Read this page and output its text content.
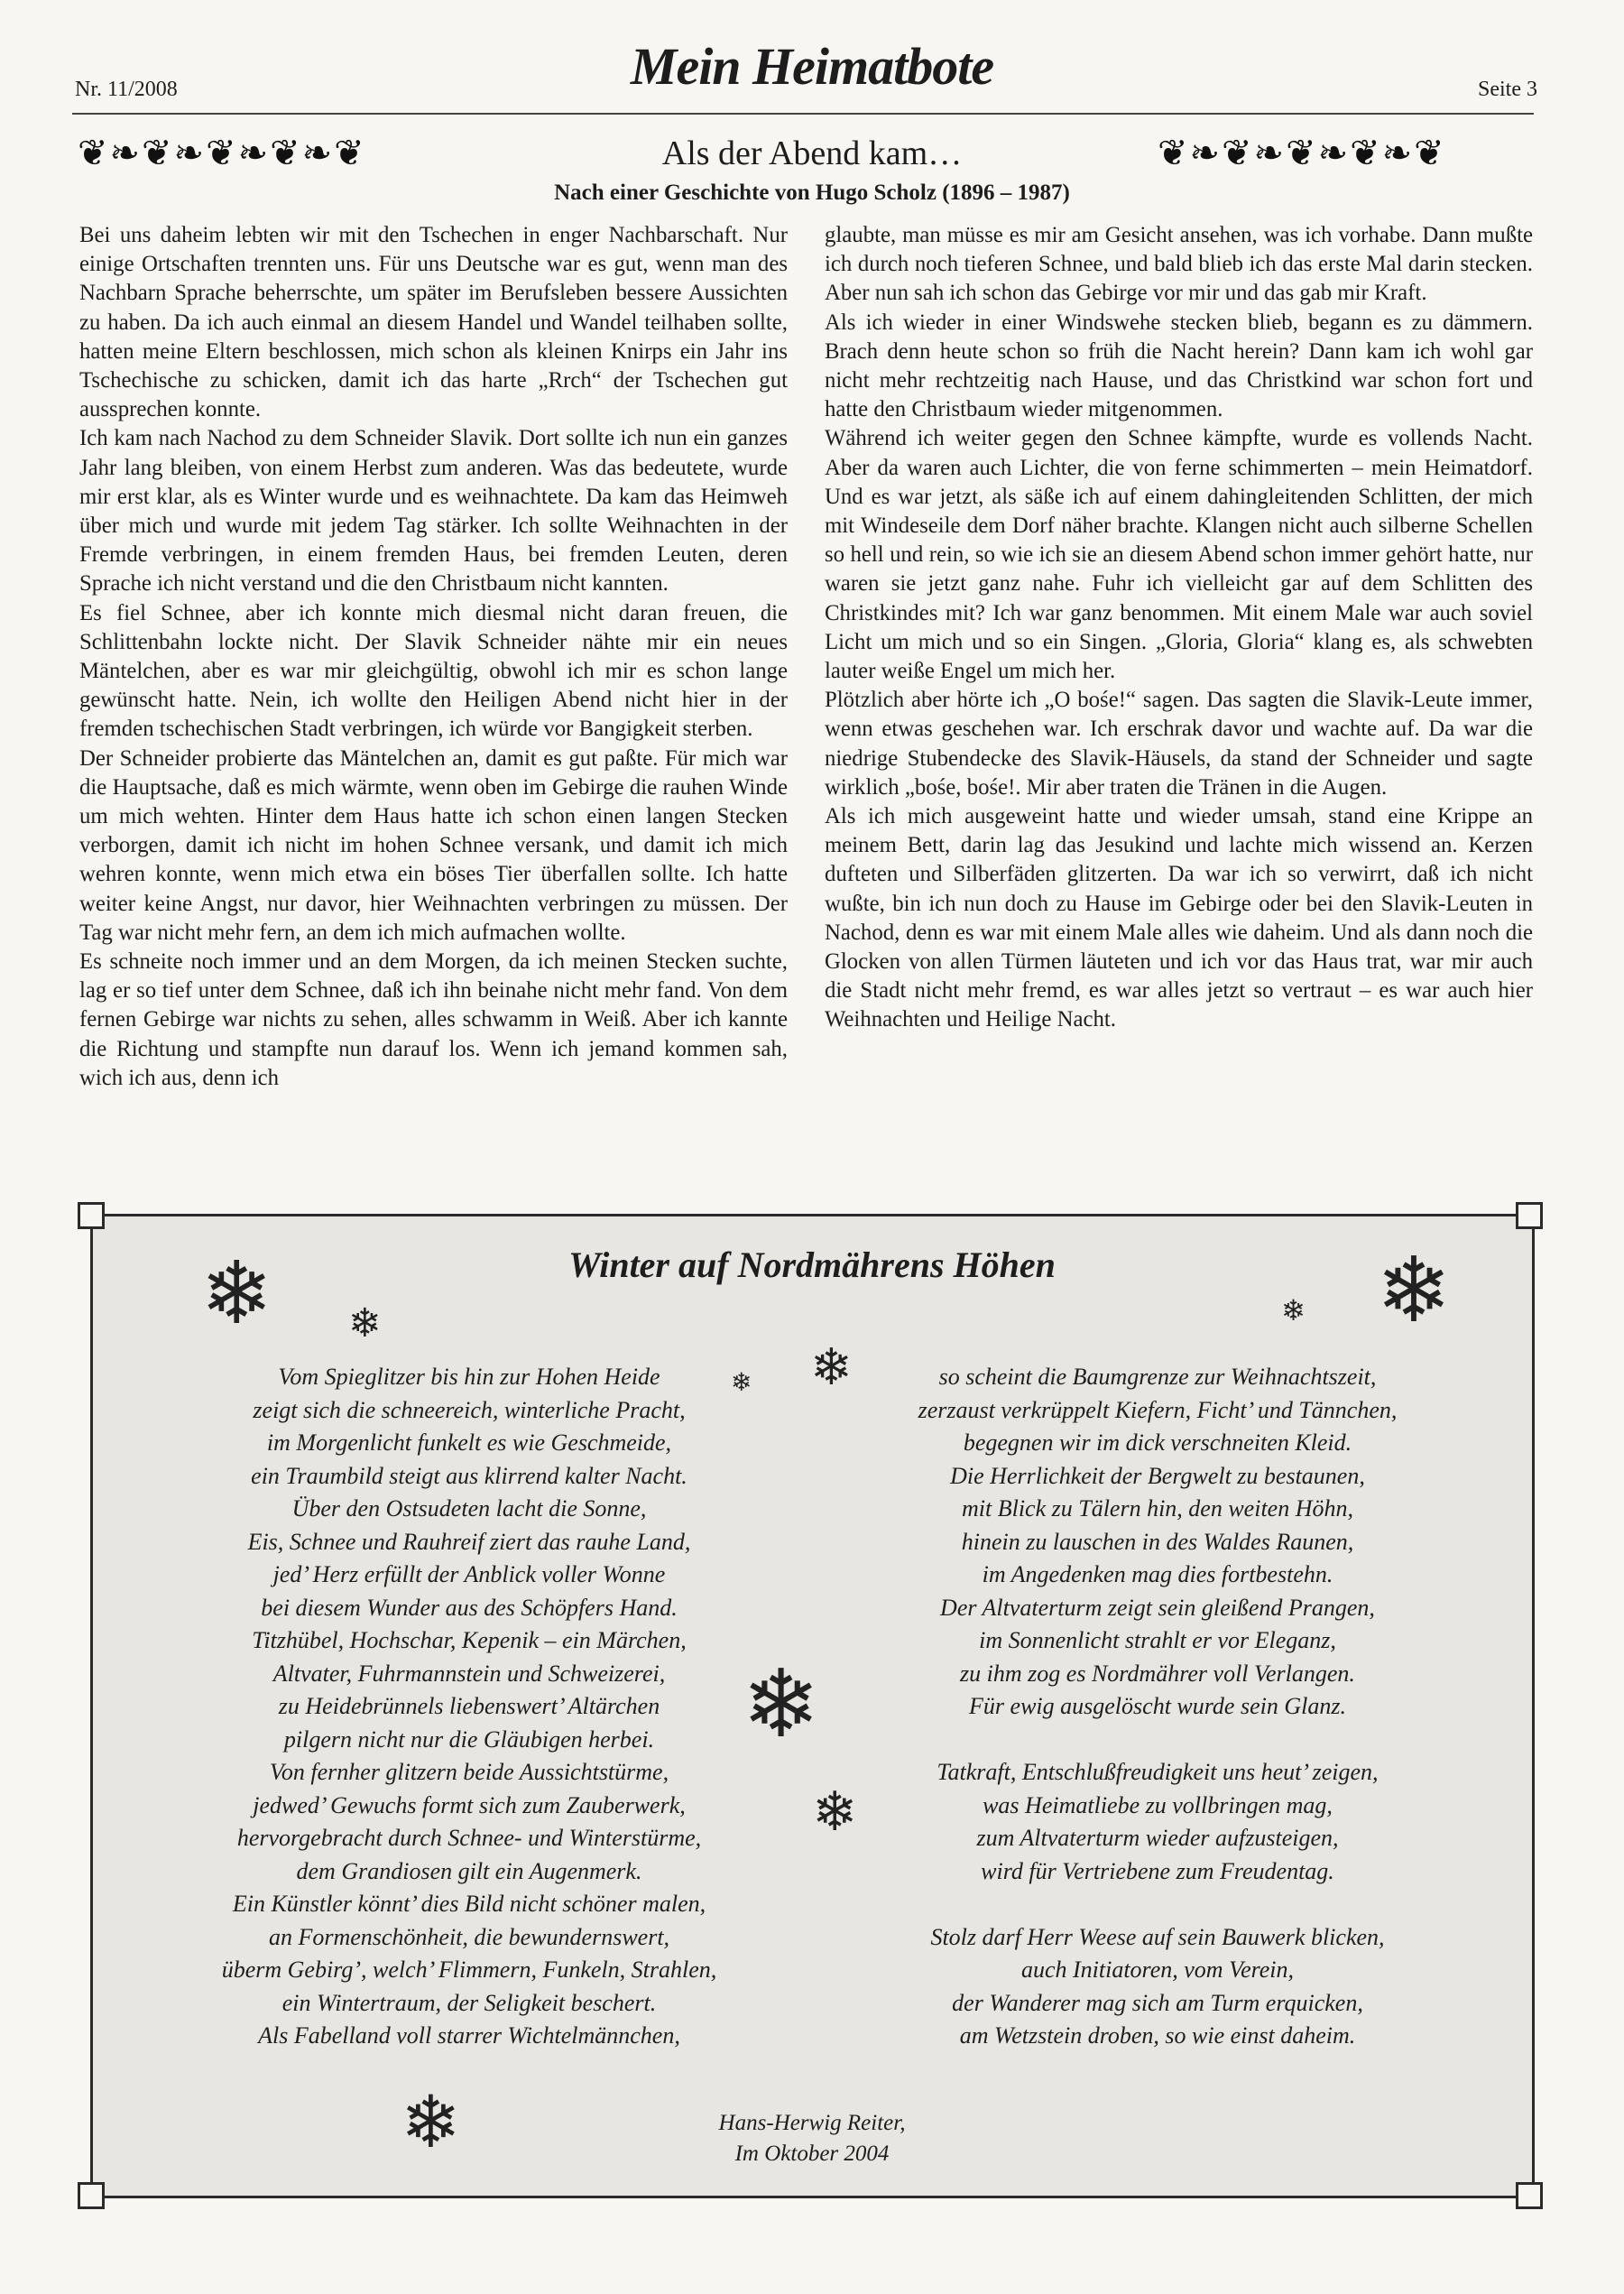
Nr. 11/2008	Mein Heimatbote	Seite 3
❦❧❦❧❦❧❦❧❦	❦❧❦❧❦❧❦❧❦
Als der Abend kam…
Nach einer Geschichte von Hugo Scholz (1896 – 1987)

Bei uns daheim lebten wir mit den Tschechen in enger Nachbarschaft. Nur einige Ortschaften trennten uns. Für uns Deutsche war es gut, wenn man des Nachbarn Sprache beherrschte, um später im Berufsleben bessere Aussichten zu haben. Da ich auch einmal an diesem Handel und Wandel teilhaben sollte, hatten meine Eltern beschlossen, mich schon als kleinen Knirps ein Jahr ins Tschechische zu schicken, damit ich das harte „Rrch“ der Tschechen gut aussprechen konnte.

Ich kam nach Nachod zu dem Schneider Slavik. Dort sollte ich nun ein ganzes Jahr lang bleiben, von einem Herbst zum anderen. Was das bedeutete, wurde mir erst klar, als es Winter wurde und es weihnachtete. Da kam das Heimweh über mich und wurde mit jedem Tag stärker. Ich sollte Weihnachten in der Fremde verbringen, in einem fremden Haus, bei fremden Leuten, deren Sprache ich nicht verstand und die den Christbaum nicht kannten.

Es fiel Schnee, aber ich konnte mich diesmal nicht daran freuen, die Schlittenbahn lockte nicht. Der Slavik Schneider nähte mir ein neues Mäntelchen, aber es war mir gleichgültig, obwohl ich mir es schon lange gewünscht hatte. Nein, ich wollte den Heiligen Abend nicht hier in der fremden tschechischen Stadt verbringen, ich würde vor Bangigkeit sterben.

Der Schneider probierte das Mäntelchen an, damit es gut paßte. Für mich war die Hauptsache, daß es mich wärmte, wenn oben im Gebirge die rauhen Winde um mich wehten. Hinter dem Haus hatte ich schon einen langen Stecken verborgen, damit ich nicht im hohen Schnee versank, und damit ich mich wehren konnte, wenn mich etwa ein böses Tier überfallen sollte. Ich hatte weiter keine Angst, nur davor, hier Weihnachten verbringen zu müssen. Der Tag war nicht mehr fern, an dem ich mich aufmachen wollte.

Es schneite noch immer und an dem Morgen, da ich meinen Stecken suchte, lag er so tief unter dem Schnee, daß ich ihn beinahe nicht mehr fand. Von dem fernen Gebirge war nichts zu sehen, alles schwamm in Weiß. Aber ich kannte die Richtung und stampfte nun darauf los. Wenn ich jemand kommen sah, wich ich aus, denn ich

glaubte, man müsse es mir am Gesicht ansehen, was ich vorhabe. Dann mußte ich durch noch tieferen Schnee, und bald blieb ich das erste Mal darin stecken. Aber nun sah ich schon das Gebirge vor mir und das gab mir Kraft.

Als ich wieder in einer Windswehe stecken blieb, begann es zu dämmern. Brach denn heute schon so früh die Nacht herein? Dann kam ich wohl gar nicht mehr rechtzeitig nach Hause, und das Christkind war schon fort und hatte den Christbaum wieder mitgenommen.

Während ich weiter gegen den Schnee kämpfte, wurde es vollends Nacht. Aber da waren auch Lichter, die von ferne schimmerten – mein Heimatdorf. Und es war jetzt, als säße ich auf einem dahingleitenden Schlitten, der mich mit Windeseile dem Dorf näher brachte. Klangen nicht auch silberne Schellen so hell und rein, so wie ich sie an diesem Abend schon immer gehört hatte, nur waren sie jetzt ganz nahe. Fuhr ich vielleicht gar auf dem Schlitten des Christkindes mit? Ich war ganz benommen. Mit einem Male war auch soviel Licht um mich und so ein Singen. „Gloria, Gloria“ klang es, als schwebten lauter weiße Engel um mich her.

Plötzlich aber hörte ich „O bośe!“ sagen. Das sagten die Slavik-Leute immer, wenn etwas geschehen war. Ich erschrak davor und wachte auf. Da war die niedrige Stubendecke des Slavik-Häusels, da stand der Schneider und sagte wirklich „bośe, bośe!. Mir aber traten die Tränen in die Augen.

Als ich mich ausgeweint hatte und wieder umsah, stand eine Krippe an meinem Bett, darin lag das Jesukind und lachte mich wissend an. Kerzen dufteten und Silberfäden glitzerten. Da war ich so verwirrt, daß ich nicht wußte, bin ich nun doch zu Hause im Gebirge oder bei den Slavik-Leuten in Nachod, denn es war mit einem Male alles wie daheim. Und als dann noch die Glocken von allen Türmen läuteten und ich vor das Haus trat, war mir auch die Stadt nicht mehr fremd, es war alles jetzt so vertraut – es war auch hier Weihnachten und Heilige Nacht.

Winter auf Nordmährens Höhen
❄ ❄	❄
❄
❄
❄
❄
❄
❄
Vom Spieglitzer bis hin zur Hohen Heide
zeigt sich die schneereich, winterliche Pracht,
im Morgenlicht funkelt es wie Geschmeide,
ein Traumbild steigt aus klirrend kalter Nacht.
Über den Ostsudeten lacht die Sonne,
Eis, Schnee und Rauhreif ziert das rauhe Land,
jed’ Herz erfüllt der Anblick voller Wonne
bei diesem Wunder aus des Schöpfers Hand.
Titzhübel, Hochschar, Kepenik – ein Märchen,
Altvater, Fuhrmannstein und Schweizerei,
zu Heidebrünnels liebenswert’ Altärchen
pilgern nicht nur die Gläubigen herbei.
Von fernher glitzern beide Aussichtstürme,
jedwed’ Gewuchs formt sich zum Zauberwerk,
hervorgebracht durch Schnee- und Winterstürme,
dem Grandiosen gilt ein Augenmerk.
Ein Künstler könnt’ dies Bild nicht schöner malen,
an Formenschönheit, die bewundernswert,
überm Gebirg’, welch’ Flimmern, Funkeln, Strahlen,
ein Wintertraum, der Seligkeit beschert.
Als Fabelland voll starrer Wichtelmännchen,
so scheint die Baumgrenze zur Weihnachtszeit,
zerzaust verkrüppelt Kiefern, Ficht’ und Tännchen,
begegnen wir im dick verschneiten Kleid.
Die Herrlichkeit der Bergwelt zu bestaunen,
mit Blick zu Tälern hin, den weiten Höhn,
hinein zu lauschen in des Waldes Raunen,
im Angedenken mag dies fortbestehn.
Der Altvaterturm zeigt sein gleißend Prangen,
im Sonnenlicht strahlt er vor Eleganz,
zu ihm zog es Nordmährer voll Verlangen.
Für ewig ausgelöscht wurde sein Glanz.
Tatkraft, Entschlußfreudigkeit uns heut’ zeigen,
was Heimatliebe zu vollbringen mag,
zum Altvaterturm wieder aufzusteigen,
wird für Vertriebene zum Freudentag.
Stolz darf Herr Weese auf sein Bauwerk blicken,
auch Initiatoren, vom Verein,
der Wanderer mag sich am Turm erquicken,
am Wetzstein droben, so wie einst daheim.
Hans-Herwig Reiter,
Im Oktober 2004
